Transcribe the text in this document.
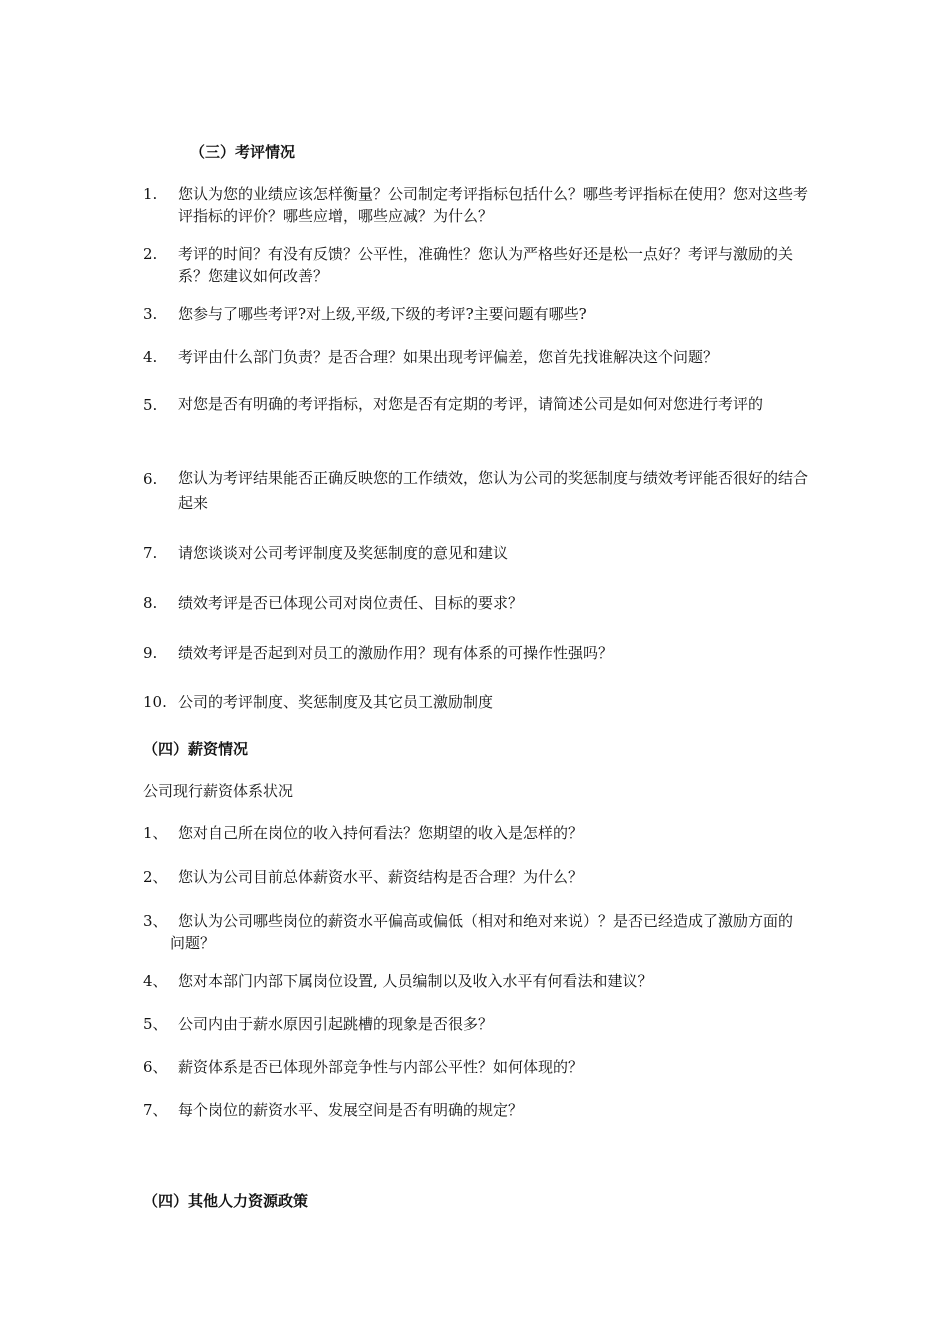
（三）考评情况
1. 您认为您的业绩应该怎样衡量？公司制定考评指标包括什么？哪些考评指标在使用？您对这些考评指标的评价？哪些应增，哪些应减？为什么？
2. 考评的时间？有没有反馈？公平性，准确性？您认为严格些好还是松一点好？考评与激励的关系？您建议如何改善？
3. 您参与了哪些考评?对上级,平级,下级的考评?主要问题有哪些?
4. 考评由什么部门负责？是否合理？如果出现考评偏差，您首先找谁解决这个问题？
5. 对您是否有明确的考评指标，对您是否有定期的考评，请简述公司是如何对您进行考评的
6. 您认为考评结果能否正确反映您的工作绩效，您认为公司的奖惩制度与绩效考评能否很好的结合起来
7. 请您谈谈对公司考评制度及奖惩制度的意见和建议
8. 绩效考评是否已体现公司对岗位责任、目标的要求？
9. 绩效考评是否起到对员工的激励作用？现有体系的可操作性强吗？
10. 公司的考评制度、奖惩制度及其它员工激励制度
（四）薪资情况
公司现行薪资体系状况
1、 您对自己所在岗位的收入持何看法？您期望的收入是怎样的？
2、 您认为公司目前总体薪资水平、薪资结构是否合理？为什么？
3、 您认为公司哪些岗位的薪资水平偏高或偏低（相对和绝对来说）？是否已经造成了激励方面的问题？
4、 您对本部门内部下属岗位设置, 人员编制以及收入水平有何看法和建议？
5、 公司内由于薪水原因引起跳槽的现象是否很多？
6、 薪资体系是否已体现外部竞争性与内部公平性？如何体现的？
7、 每个岗位的薪资水平、发展空间是否有明确的规定？
（四）其他人力资源政策
